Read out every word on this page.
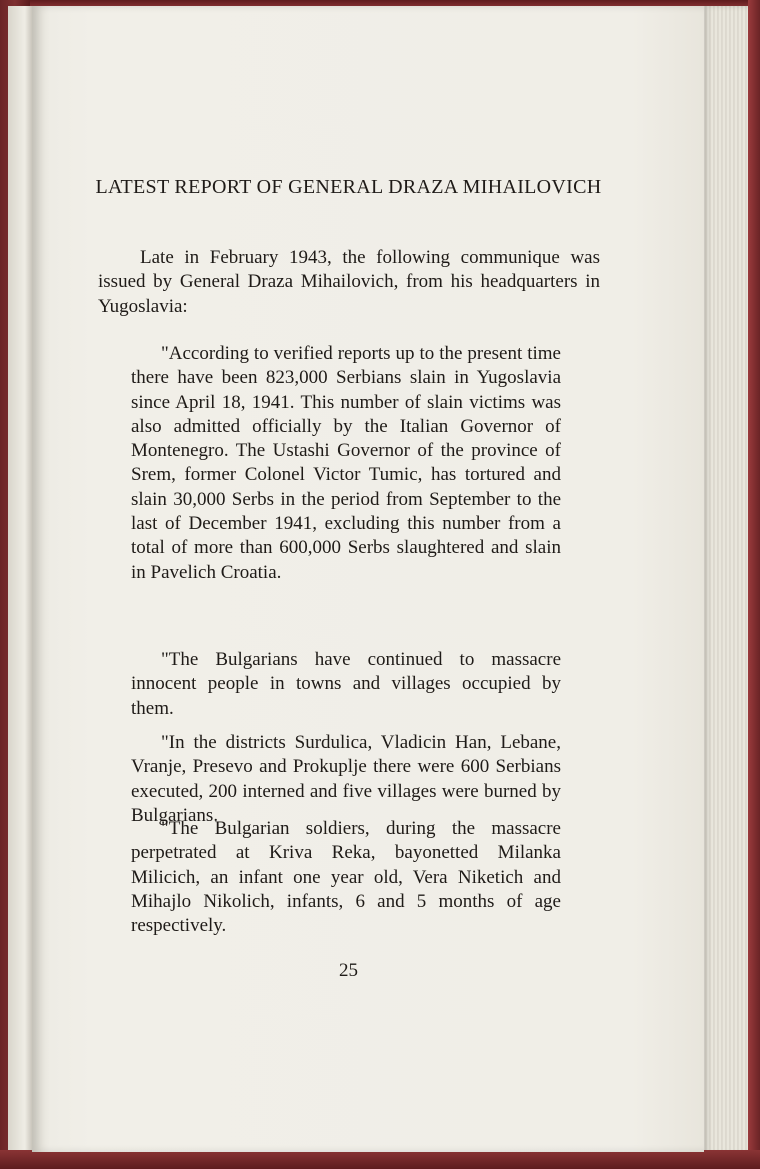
LATEST REPORT OF GENERAL DRAZA MIHAILOVICH

Late in February 1943, the following communique was issued by General Draza Mihailovich, from his headquarters in Yugoslavia:

"According to verified reports up to the present time there have been 823,000 Serbians slain in Yugoslavia since April 18, 1941. This number of slain victims was also admitted officially by the Italian Governor of Montenegro. The Ustashi Governor of the province of Srem, former Colonel Victor Tumic, has tortured and slain 30,000 Serbs in the period from September to the last of December 1941, excluding this number from a total of more than 600,000 Serbs slaughtered and slain in Pavelich Croatia.

"The Bulgarians have continued to massacre innocent people in towns and villages occupied by them.

"In the districts Surdulica, Vladicin Han, Lebane, Vranje, Presevo and Prokuplje there were 600 Serbians executed, 200 interned and five villages were burned by Bulgarians.

"The Bulgarian soldiers, during the massacre perpetrated at Kriva Reka, bayonetted Milanka Milicich, an infant one year old, Vera Niketich and Mihajlo Nikolich, infants, 6 and 5 months of age respectively.

25
